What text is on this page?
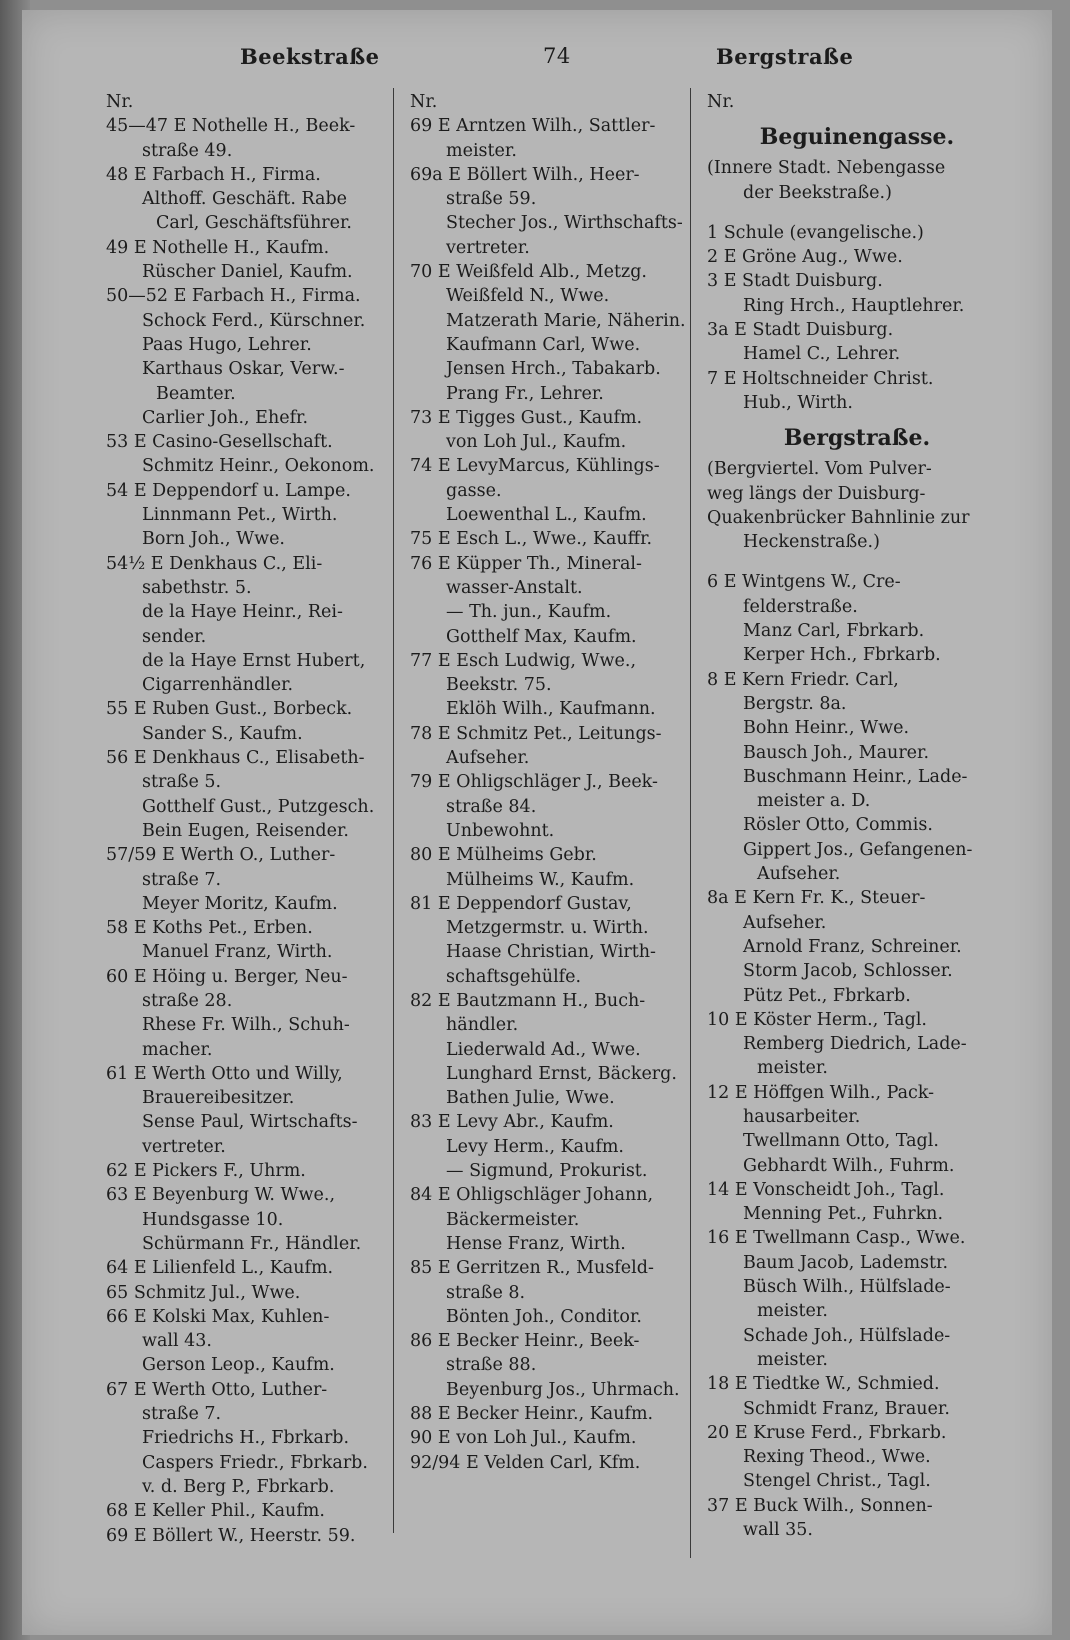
Beekstraße	74	Bergstraße
Nr.
45—47 E Nothelle H., Beek-
straße 49.
48 E Farbach H., Firma.
Althoff. Geschäft. Rabe
Carl, Geschäftsführer.
49 E Nothelle H., Kaufm.
Rüscher Daniel, Kaufm.
50—52 E Farbach H., Firma.
Schock Ferd., Kürschner.
Paas Hugo, Lehrer.
Karthaus Oskar, Verw.-
Beamter.
Carlier Joh., Ehefr.
53 E Casino-Gesellschaft.
Schmitz Heinr., Oekonom.
54 E Deppendorf u. Lampe.
Linnmann Pet., Wirth.
Born Joh., Wwe.
54½ E Denkhaus C., Eli-
sabethstr. 5.
de la Haye Heinr., Rei-
sender.
de la Haye Ernst Hubert,
Cigarrenhändler.
55 E Ruben Gust., Borbeck.
Sander S., Kaufm.
56 E Denkhaus C., Elisabeth-
straße 5.
Gotthelf Gust., Putzgesch.
Bein Eugen, Reisender.
57/59 E Werth O., Luther-
straße 7.
Meyer Moritz, Kaufm.
58 E Koths Pet., Erben.
Manuel Franz, Wirth.
60 E Höing u. Berger, Neu-
straße 28.
Rhese Fr. Wilh., Schuh-
macher.
61 E Werth Otto und Willy,
Brauereibesitzer.
Sense Paul, Wirtschafts-
vertreter.
62 E Pickers F., Uhrm.
63 E Beyenburg W. Wwe.,
Hundsgasse 10.
Schürmann Fr., Händler.
64 E Lilienfeld L., Kaufm.
65 Schmitz Jul., Wwe.
66 E Kolski Max, Kuhlen-
wall 43.
Gerson Leop., Kaufm.
67 E Werth Otto, Luther-
straße 7.
Friedrichs H., Fbrkarb.
Caspers Friedr., Fbrkarb.
v. d. Berg P., Fbrkarb.
68 E Keller Phil., Kaufm.
69 E Böllert W., Heerstr. 59.
Nr.
69 E Arntzen Wilh., Sattler-
meister.
69a E Böllert Wilh., Heer-
straße 59.
Stecher Jos., Wirthschafts-
vertreter.
70 E Weißfeld Alb., Metzg.
Weißfeld N., Wwe.
Matzerath Marie, Näherin.
Kaufmann Carl, Wwe.
Jensen Hrch., Tabakarb.
Prang Fr., Lehrer.
73 E Tigges Gust., Kaufm.
von Loh Jul., Kaufm.
74 E LevyMarcus, Kühlings-
gasse.
Loewenthal L., Kaufm.
75 E Esch L., Wwe., Kauffr.
76 E Küpper Th., Mineral-
wasser-Anstalt.
— Th. jun., Kaufm.
Gotthelf Max, Kaufm.
77 E Esch Ludwig, Wwe.,
Beekstr. 75.
Eklöh Wilh., Kaufmann.
78 E Schmitz Pet., Leitungs-
Aufseher.
79 E Ohligschläger J., Beek-
straße 84.
Unbewohnt.
80 E Mülheims Gebr.
Mülheims W., Kaufm.
81 E Deppendorf Gustav,
Metzgermstr. u. Wirth.
Haase Christian, Wirth-
schaftsgehülfe.
82 E Bautzmann H., Buch-
händler.
Liederwald Ad., Wwe.
Lunghard Ernst, Bäckerg.
Bathen Julie, Wwe.
83 E Levy Abr., Kaufm.
Levy Herm., Kaufm.
— Sigmund, Prokurist.
84 E Ohligschläger Johann,
Bäckermeister.
Hense Franz, Wirth.
85 E Gerritzen R., Musfeld-
straße 8.
Bönten Joh., Conditor.
86 E Becker Heinr., Beek-
straße 88.
Beyenburg Jos., Uhrmach.
88 E Becker Heinr., Kaufm.
90 E von Loh Jul., Kaufm.
92/94 E Velden Carl, Kfm.
Nr.
Beguinengasse.
(Innere Stadt. Nebengasse
der Beekstraße.)
1 Schule (evangelische.)
2 E Gröne Aug., Wwe.
3 E Stadt Duisburg.
Ring Hrch., Hauptlehrer.
3a E Stadt Duisburg.
Hamel C., Lehrer.
7 E Holtschneider Christ.
Hub., Wirth.
Bergstraße.
(Bergviertel. Vom Pulver-
weg längs der Duisburg-
Quakenbrücker Bahnlinie zur
Heckenstraße.)
6 E Wintgens W., Cre-
felderstraße.
Manz Carl, Fbrkarb.
Kerper Hch., Fbrkarb.
8 E Kern Friedr. Carl,
Bergstr. 8a.
Bohn Heinr., Wwe.
Bausch Joh., Maurer.
Buschmann Heinr., Lade-
meister a. D.
Rösler Otto, Commis.
Gippert Jos., Gefangenen-
Aufseher.
8a E Kern Fr. K., Steuer-
Aufseher.
Arnold Franz, Schreiner.
Storm Jacob, Schlosser.
Pütz Pet., Fbrkarb.
10 E Köster Herm., Tagl.
Remberg Diedrich, Lade-
meister.
12 E Höffgen Wilh., Pack-
hausarbeiter.
Twellmann Otto, Tagl.
Gebhardt Wilh., Fuhrm.
14 E Vonscheidt Joh., Tagl.
Menning Pet., Fuhrkn.
16 E Twellmann Casp., Wwe.
Baum Jacob, Lademstr.
Büsch Wilh., Hülfslade-
meister.
Schade Joh., Hülfslade-
meister.
18 E Tiedtke W., Schmied.
Schmidt Franz, Brauer.
20 E Kruse Ferd., Fbrkarb.
Rexing Theod., Wwe.
Stengel Christ., Tagl.
37 E Buck Wilh., Sonnen-
wall 35.
